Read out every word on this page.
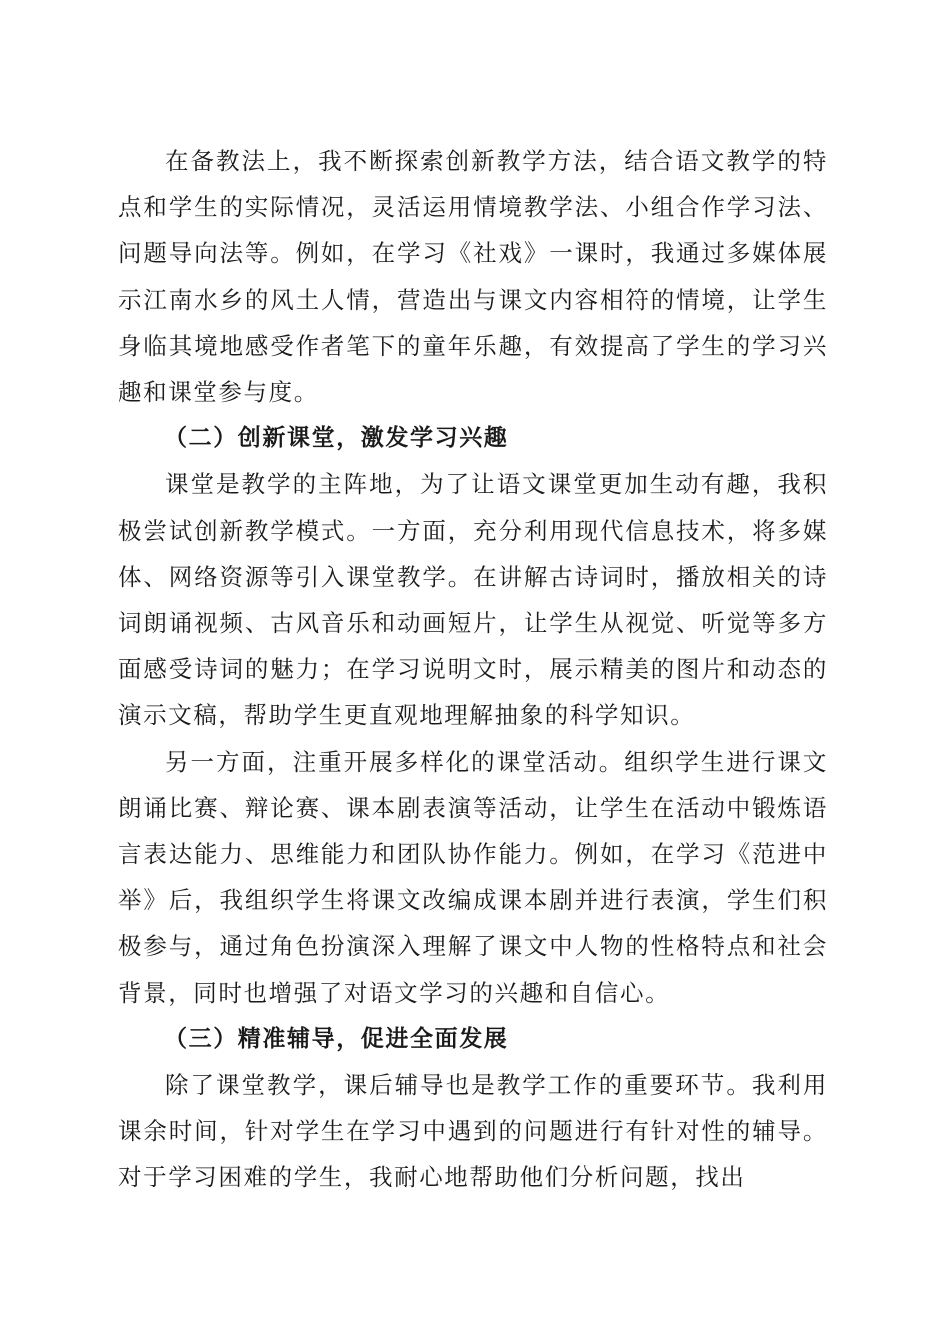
在备教法上，我不断探索创新教学方法，结合语文教学的特点和学生的实际情况，灵活运用情境教学法、小组合作学习法、问题导向法等。例如，在学习《社戏》一课时，我通过多媒体展示江南水乡的风土人情，营造出与课文内容相符的情境，让学生身临其境地感受作者笔下的童年乐趣，有效提高了学生的学习兴趣和课堂参与度。

（二）创新课堂，激发学习兴趣

课堂是教学的主阵地，为了让语文课堂更加生动有趣，我积极尝试创新教学模式。一方面，充分利用现代信息技术，将多媒体、网络资源等引入课堂教学。在讲解古诗词时，播放相关的诗词朗诵视频、古风音乐和动画短片，让学生从视觉、听觉等多方面感受诗词的魅力；在学习说明文时，展示精美的图片和动态的演示文稿，帮助学生更直观地理解抽象的科学知识。

另一方面，注重开展多样化的课堂活动。组织学生进行课文朗诵比赛、辩论赛、课本剧表演等活动，让学生在活动中锻炼语言表达能力、思维能力和团队协作能力。例如，在学习《范进中举》后，我组织学生将课文改编成课本剧并进行表演，学生们积极参与，通过角色扮演深入理解了课文中人物的性格特点和社会背景，同时也增强了对语文学习的兴趣和自信心。

（三）精准辅导，促进全面发展

除了课堂教学，课后辅导也是教学工作的重要环节。我利用课余时间，针对学生在学习中遇到的问题进行有针对性的辅导。对于学习困难的学生，我耐心地帮助他们分析问题，找出
